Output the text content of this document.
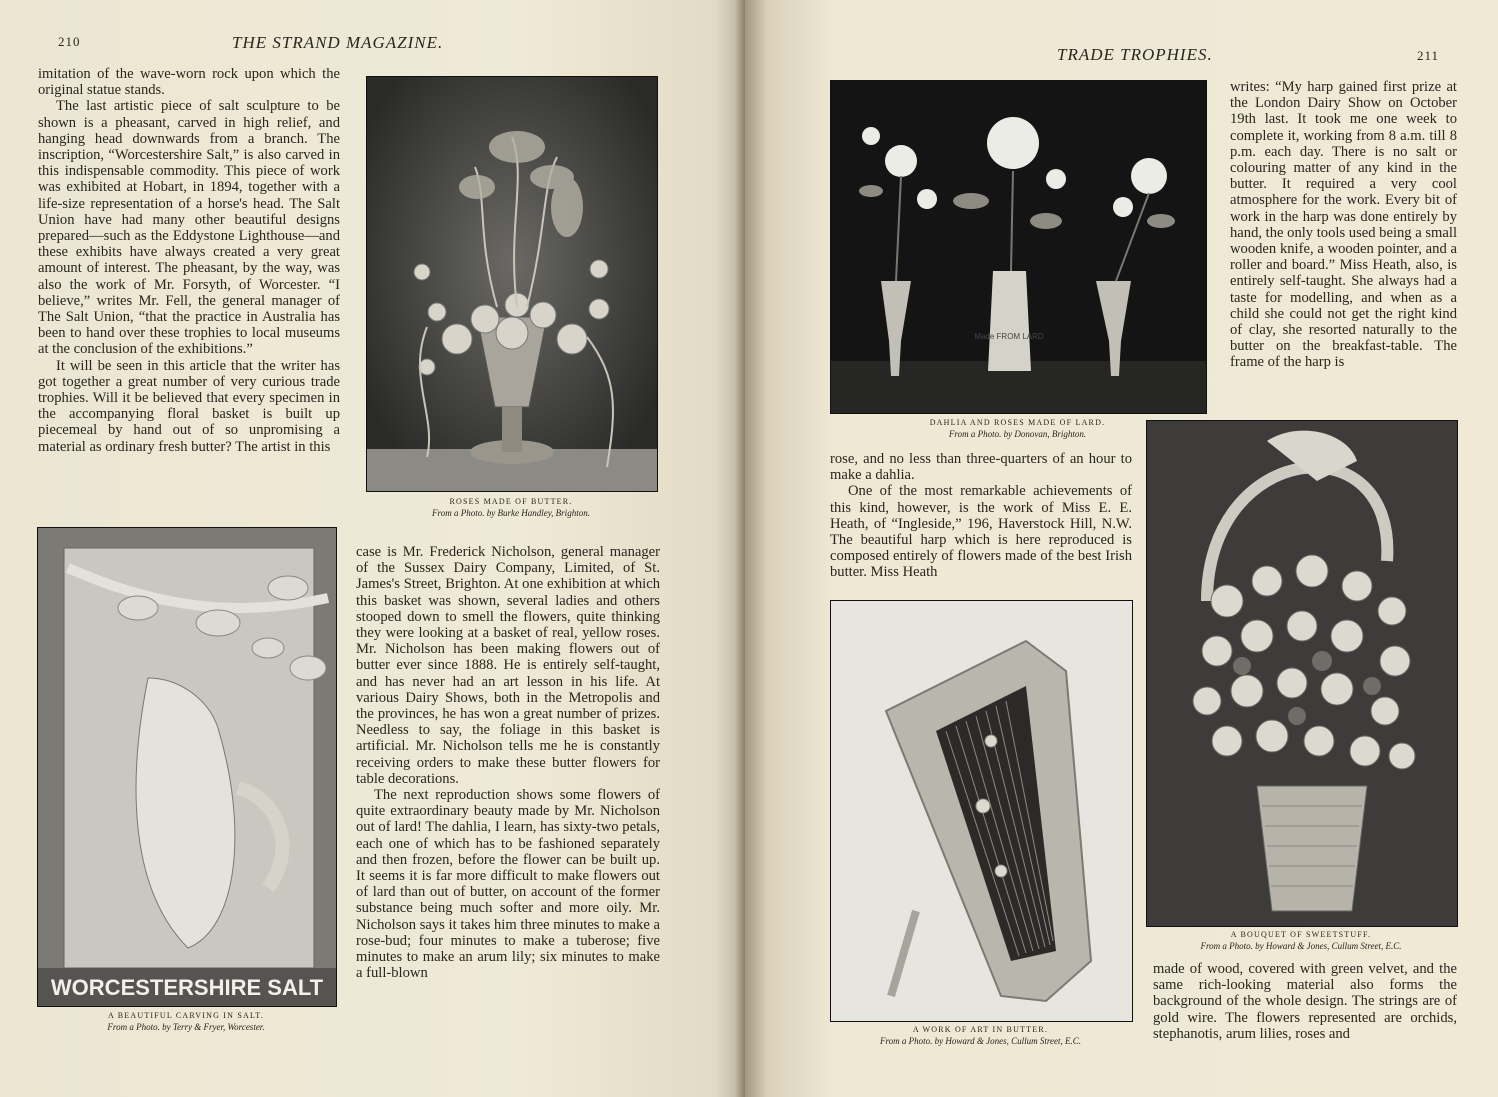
210	THE STRAND MAGAZINE.

imitation of the wave-worn rock upon which the original statue stands.

The last artistic piece of salt sculpture to be shown is a pheasant, carved in high relief, and hanging head downwards from a branch. The inscription, “Worcestershire Salt,” is also carved in this indispensable commodity. This piece of work was exhibited at Hobart, in 1894, together with a life-size representation of a horse's head. The Salt Union have had many other beautiful designs prepared—such as the Eddystone Lighthouse—and these exhibits have always created a very great amount of interest. The pheasant, by the way, was also the work of Mr. Forsyth, of Worcester. “I believe,” writes Mr. Fell, the general manager of The Salt Union, “that the practice in Australia has been to hand over these trophies to local museums at the conclusion of the exhibitions.”

It will be seen in this article that the writer has got together a great number of very curious trade trophies. Will it be believed that every specimen in the accompanying floral basket is built up piecemeal by hand out of so unpromising a material as ordinary fresh butter? The artist in this

ROSES MADE OF BUTTER.
From a Photo. by Burke Handley, Brighton.
WORCESTERSHIRE SALT
A BEAUTIFUL CARVING IN SALT.
From a Photo. by Terry & Fryer, Worcester.

case is Mr. Frederick Nicholson, general manager of the Sussex Dairy Company, Limited, of St. James's Street, Brighton. At one exhibition at which this basket was shown, several ladies and others stooped down to smell the flowers, quite thinking they were looking at a basket of real, yellow roses. Mr. Nicholson has been making flowers out of butter ever since 1888. He is entirely self-taught, and has never had an art lesson in his life. At various Dairy Shows, both in the Metropolis and the provinces, he has won a great number of prizes. Needless to say, the foliage in this basket is artificial. Mr. Nicholson tells me he is constantly receiving orders to make these butter flowers for table decorations.

The next reproduction shows some flowers of quite extraordinary beauty made by Mr. Nicholson out of lard! The dahlia, I learn, has sixty-two petals, each one of which has to be fashioned separately and then frozen, before the flower can be built up. It seems it is far more difficult to make flowers out of lard than out of butter, on account of the former substance being much softer and more oily. Mr. Nicholson says it takes him three minutes to make a rose-bud; four minutes to make a tuberose; five minutes to make an arum lily; six minutes to make a full-blown

TRADE TROPHIES.	211
Made FROM LARD
DAHLIA AND ROSES MADE OF LARD.
From a Photo. by Donovan, Brighton.

writes: “My harp gained first prize at the London Dairy Show on October 19th last. It took me one week to complete it, working from 8 a.m. till 8 p.m. each day. There is no salt or colouring matter of any kind in the butter. It required a very cool atmosphere for the work. Every bit of work in the harp was done entirely by hand, the only tools used being a small wooden knife, a wooden pointer, and a roller and board.” Miss Heath, also, is entirely self-taught. She always had a taste for modelling, and when as a child she could not get the right kind of clay, she resorted naturally to the butter on the breakfast-table. The frame of the harp is

rose, and no less than three-quarters of an hour to make a dahlia.

One of the most remarkable achievements of this kind, however, is the work of Miss E. E. Heath, of “Ingleside,” 196, Haverstock Hill, N.W. The beautiful harp which is here reproduced is composed entirely of flowers made of the best Irish butter. Miss Heath

A BOUQUET OF SWEETSTUFF.
From a Photo. by Howard & Jones, Cullum Street, E.C.
A WORK OF ART IN BUTTER.
From a Photo. by Howard & Jones, Cullum Street, E.C.

made of wood, covered with green velvet, and the same rich-looking material also forms the background of the whole design. The strings are of gold wire. The flowers represented are orchids, stephanotis, arum lilies, roses and
